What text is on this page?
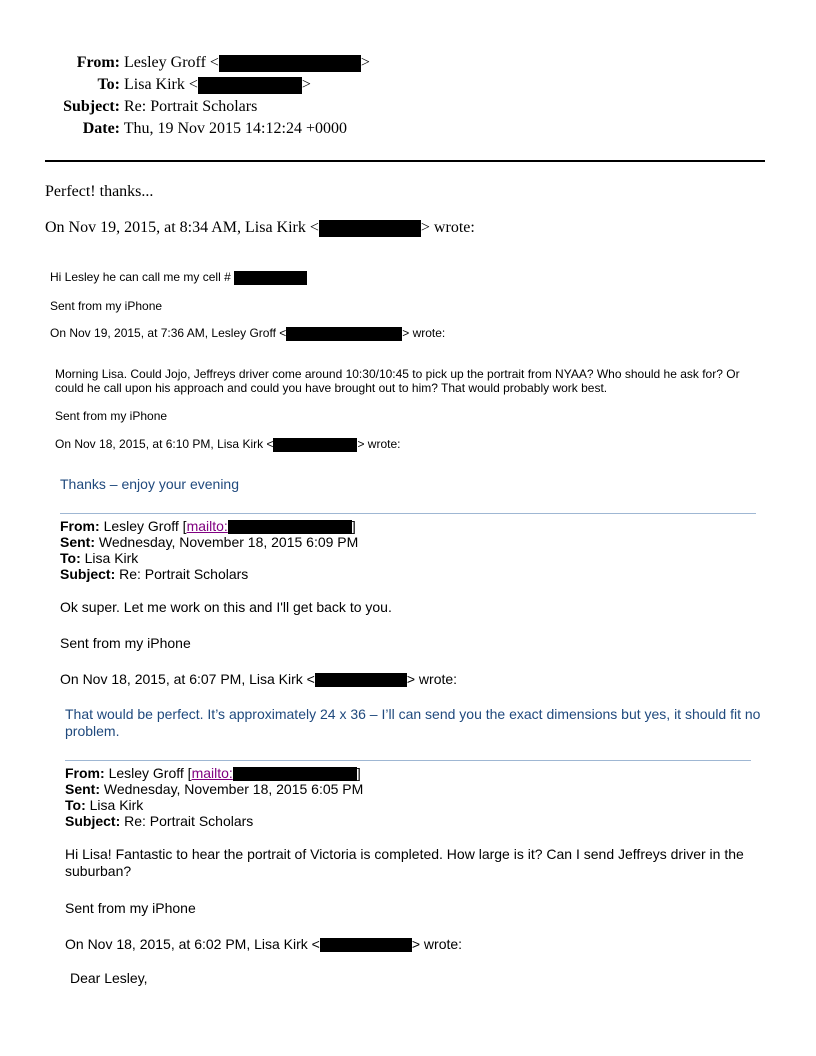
From: Lesley Groff <	>
To: Lisa Kirk <	>
Subject: Re: Portrait Scholars
Date: Thu, 19 Nov 2015 14:12:24 +0000
Perfect! thanks...
On Nov 19, 2015, at 8:34 AM, Lisa Kirk <	> wrote:
Hi Lesley he can call me my cell #
Sent from my iPhone
On Nov 19, 2015, at 7:36 AM, Lesley Groff <	> wrote:
Morning Lisa. Could Jojo, Jeffreys driver come around 10:30/10:45 to pick up the portrait from NYAA? Who should he ask for? Or
could he call upon his approach and could you have brought out to him? That would probably work best.
Sent from my iPhone
On Nov 18, 2015, at 6:10 PM, Lisa Kirk <	> wrote:
Thanks – enjoy your evening
From: Lesley Groff [mailto:	]
Sent: Wednesday, November 18, 2015 6:09 PM
To: Lisa Kirk
Subject: Re: Portrait Scholars
Ok super. Let me work on this and I'll get back to you.
Sent from my iPhone
On Nov 18, 2015, at 6:07 PM, Lisa Kirk <	> wrote:
That would be perfect. It’s approximately 24 x 36 – I’ll can send you the exact dimensions but yes, it should fit no
problem.
From: Lesley Groff [mailto:	]
Sent: Wednesday, November 18, 2015 6:05 PM
To: Lisa Kirk
Subject: Re: Portrait Scholars
Hi Lisa! Fantastic to hear the portrait of Victoria is completed. How large is it? Can I send Jeffreys driver in the
suburban?
Sent from my iPhone
On Nov 18, 2015, at 6:02 PM, Lisa Kirk <	> wrote:
Dear Lesley,
